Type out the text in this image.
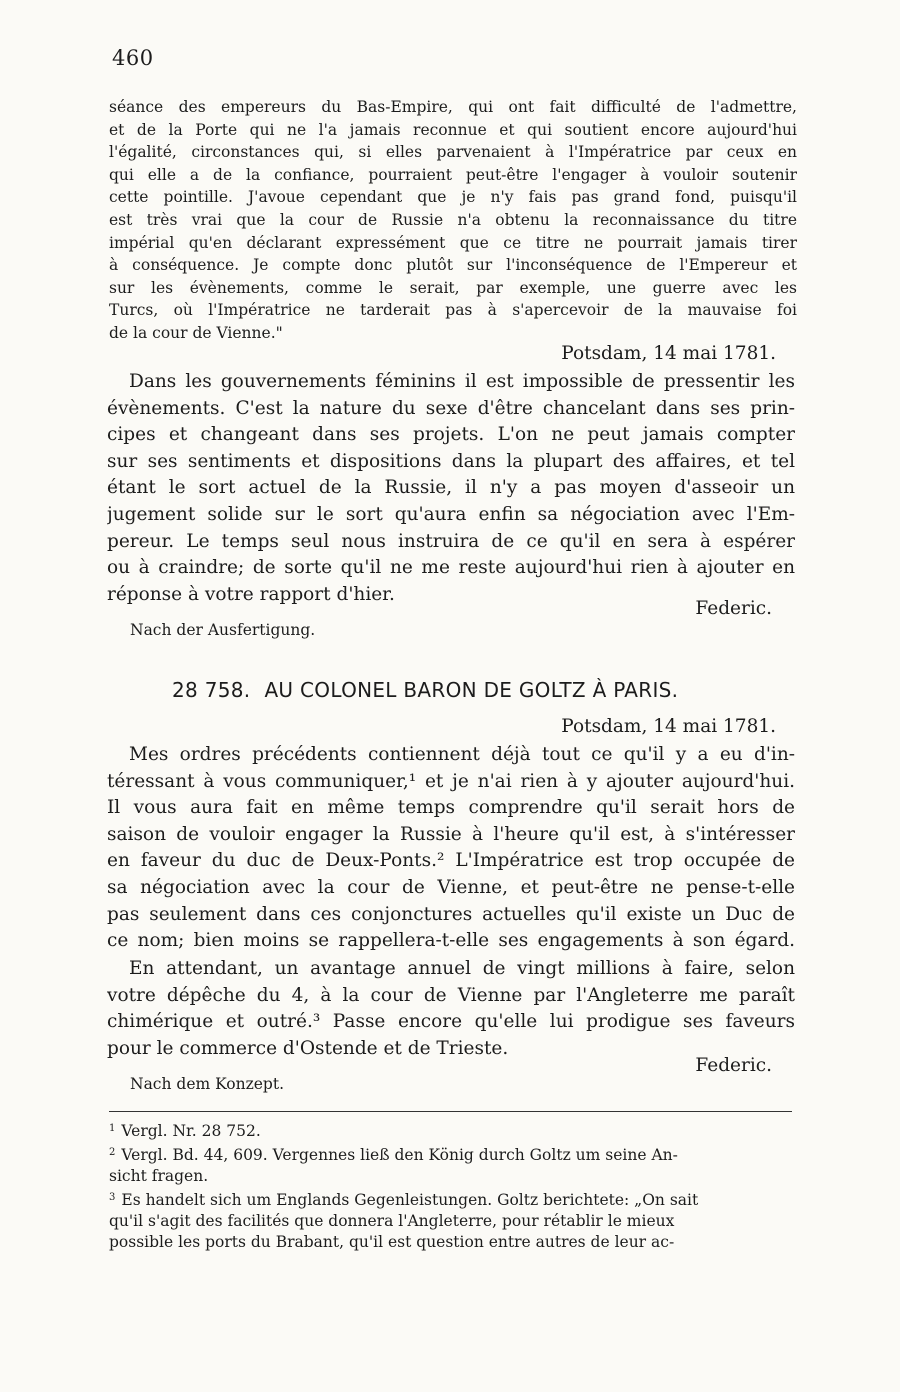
460
séance des empereurs du Bas-Empire, qui ont fait difficulté de l'admettre,
et de la Porte qui ne l'a jamais reconnue et qui soutient encore aujourd'hui
l'égalité, circonstances qui, si elles parvenaient à l'Impératrice par ceux en
qui elle a de la confiance, pourraient peut-être l'engager à vouloir soutenir
cette pointille. J'avoue cependant que je n'y fais pas grand fond, puisqu'il
est très vrai que la cour de Russie n'a obtenu la reconnaissance du titre
impérial qu'en déclarant expressément que ce titre ne pourrait jamais tirer
à conséquence. Je compte donc plutôt sur l'inconséquence de l'Empereur et
sur les évènements, comme le serait, par exemple, une guerre avec les
Turcs, où l'Impératrice ne tarderait pas à s'apercevoir de la mauvaise foi
de la cour de Vienne."
Potsdam, 14 mai 1781.
Dans les gouvernements féminins il est impossible de pressentir les
évènements. C'est la nature du sexe d'être chancelant dans ses prin-
cipes et changeant dans ses projets. L'on ne peut jamais compter
sur ses sentiments et dispositions dans la plupart des affaires, et tel
étant le sort actuel de la Russie, il n'y a pas moyen d'asseoir un
jugement solide sur le sort qu'aura enfin sa négociation avec l'Em-
pereur. Le temps seul nous instruira de ce qu'il en sera à espérer
ou à craindre; de sorte qu'il ne me reste aujourd'hui rien à ajouter en
réponse à votre rapport d'hier.
Federic.
Nach der Ausfertigung.
28 758. AU COLONEL BARON DE GOLTZ À PARIS.
Potsdam, 14 mai 1781.
Mes ordres précédents contiennent déjà tout ce qu'il y a eu d'in-
téressant à vous communiquer,¹ et je n'ai rien à y ajouter aujourd'hui.
Il vous aura fait en même temps comprendre qu'il serait hors de
saison de vouloir engager la Russie à l'heure qu'il est, à s'intéresser
en faveur du duc de Deux-Ponts.² L'Impératrice est trop occupée de
sa négociation avec la cour de Vienne, et peut-être ne pense-t-elle
pas seulement dans ces conjonctures actuelles qu'il existe un Duc de
ce nom; bien moins se rappellera-t-elle ses engagements à son égard.
En attendant, un avantage annuel de vingt millions à faire, selon
votre dépêche du 4, à la cour de Vienne par l'Angleterre me paraît
chimérique et outré.³ Passe encore qu'elle lui prodigue ses faveurs
pour le commerce d'Ostende et de Trieste.
Federic.
Nach dem Konzept.
$^1$ Vergl. Nr. 28 752.
$^2$ Vergl. Bd. 44, 609. Vergennes ließ den König durch Goltz um seine An-
sicht fragen.
$^3$ Es handelt sich um Englands Gegenleistungen. Goltz berichtete: „On sait
qu'il s'agit des facilités que donnera l'Angleterre, pour rétablir le mieux
possible les ports du Brabant, qu'il est question entre autres de leur ac-
